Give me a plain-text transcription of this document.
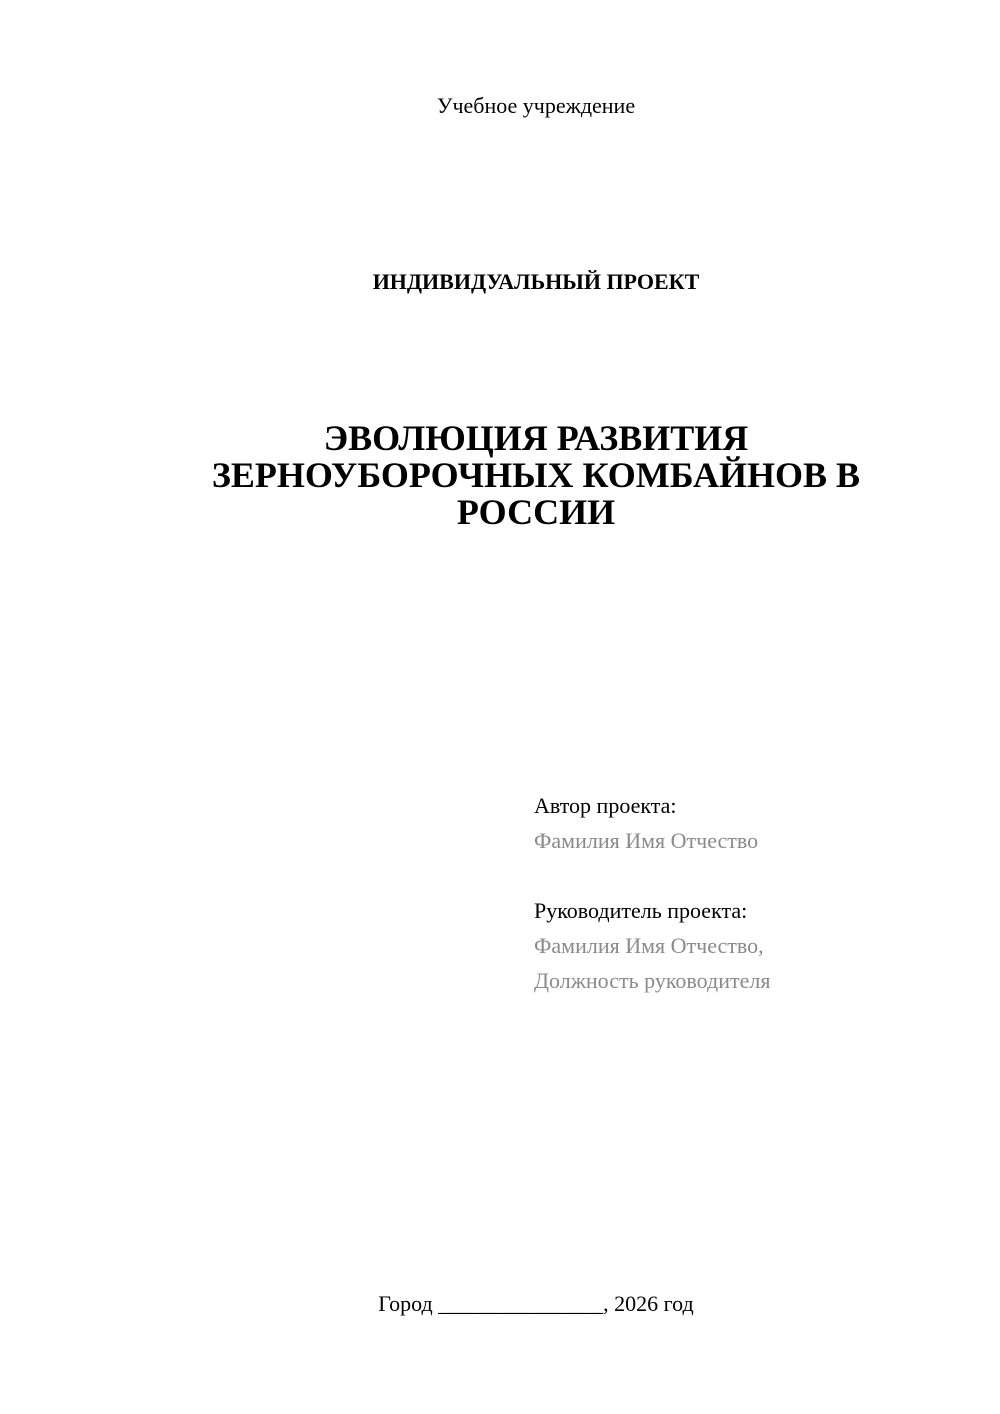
Учебное учреждение
ИНДИВИДУАЛЬНЫЙ ПРОЕКТ
ЭВОЛЮЦИЯ РАЗВИТИЯ
ЗЕРНОУБОРОЧНЫХ КОМБАЙНОВ В
РОССИИ
Автор проекта:
Фамилия Имя Отчество
Руководитель проекта:
Фамилия Имя Отчество,
Должность руководителя
Город _______________, 2026 год
